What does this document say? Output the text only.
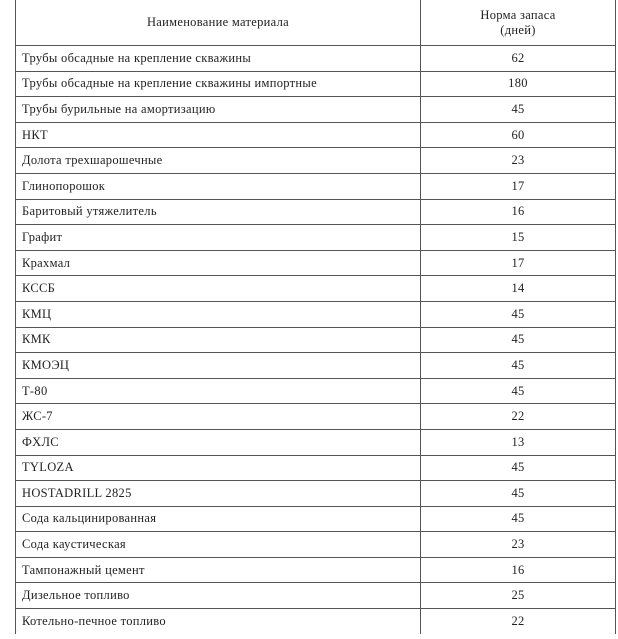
Наименование материала	Норма запаса
(дней)

Трубы обсадные на крепление скважины	62
Трубы обсадные на крепление скважины импортные	180
Трубы бурильные на амортизацию	45
НКТ	60
Долота трехшарошечные	23
Глинопорошок	17
Баритовый утяжелитель	16
Графит	15
Крахмал	17
КССБ	14
КМЦ	45
КМК	45
КМОЭЦ	45
Т-80	45
ЖС-7	22
ФХЛС	13
TYLOZA	45
HOSTADRILL 2825	45
Сода кальцинированная	45
Сода каустическая	23
Тампонажный цемент	16
Дизельное топливо	25
Котельно-печное топливо	22
